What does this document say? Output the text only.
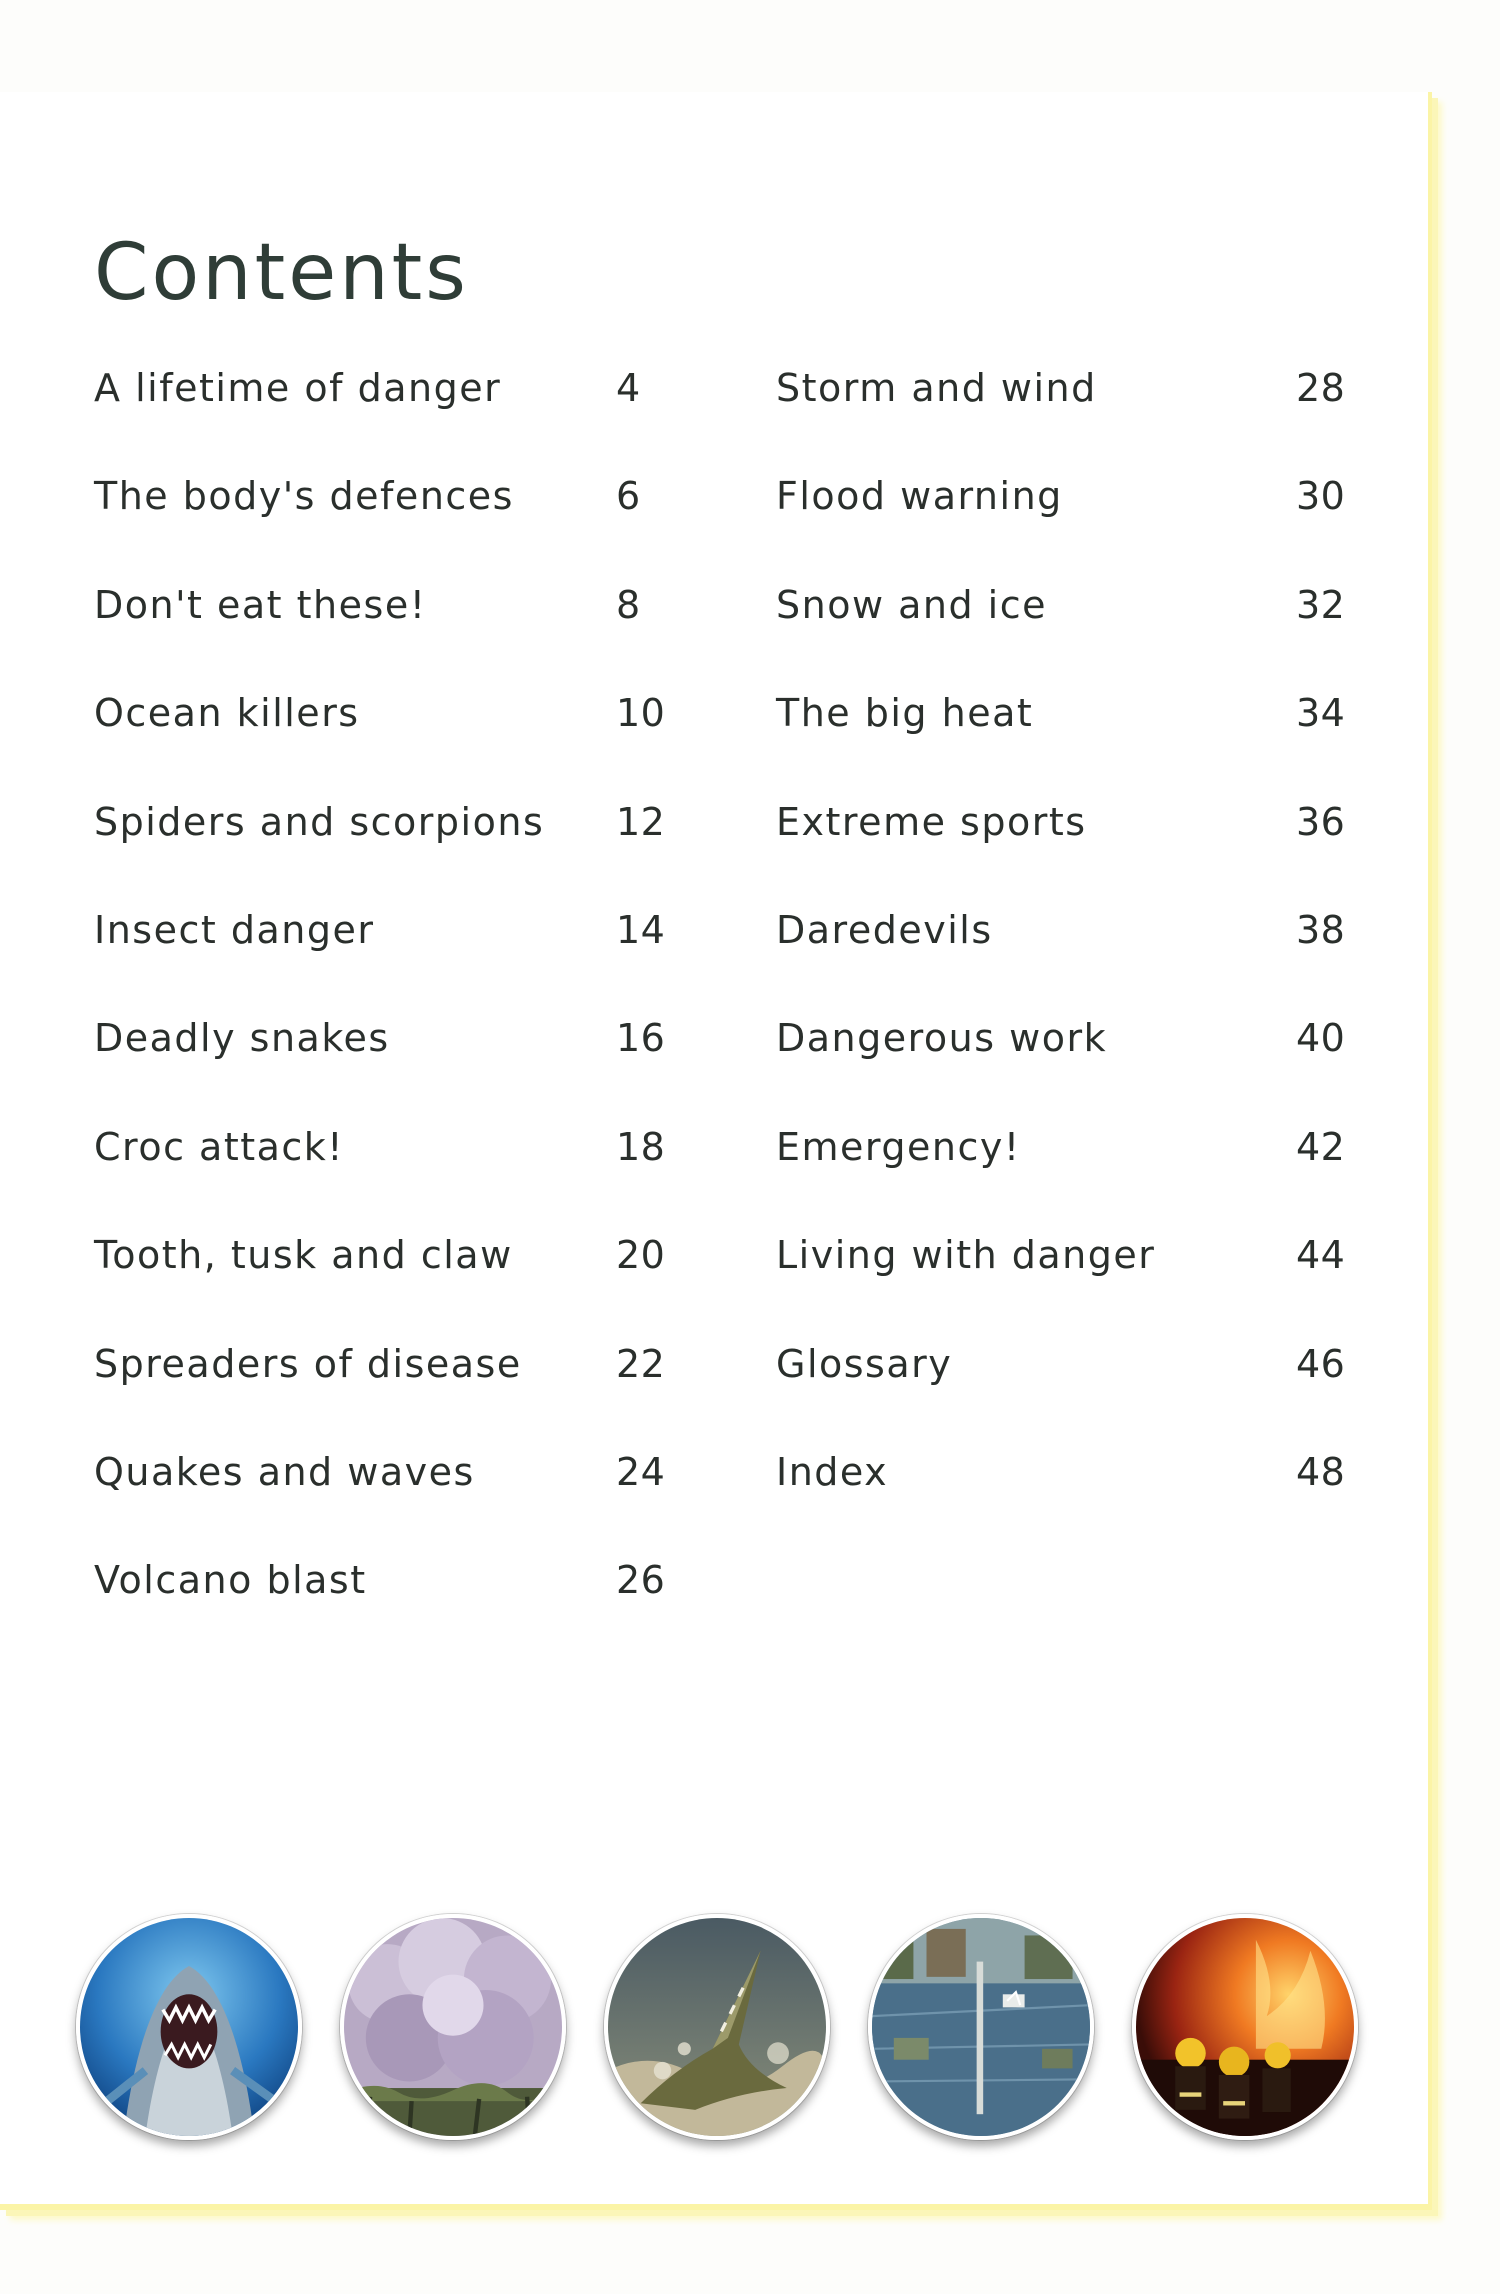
Contents
A lifetime of danger	4
The body's defences	6
Don't eat these!	8
Ocean killers	10
Spiders and scorpions 12
Insect danger	14
Deadly snakes	16
Croc attack!	18
Tooth, tusk and claw	20
Spreaders of disease 22
Quakes and waves	24
Volcano blast	26
Storm and wind	28
Flood warning	30
Snow and ice	32
The big heat	34
Extreme sports	36
Daredevils	38
Dangerous work	40
Emergency!	42
Living with danger	44
Glossary	46
Index	48
